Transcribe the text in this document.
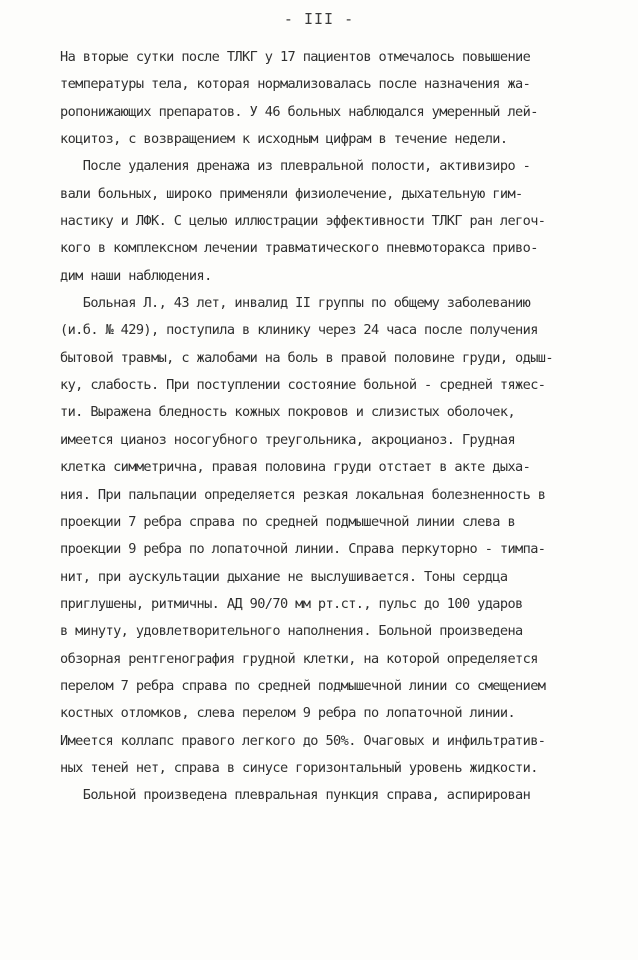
- III -
На вторые сутки после ТЛКГ у 17 пациентов отмечалось повышение
температуры тела, которая нормализовалась после назначения жа-
ропонижающих препаратов. У 46 больных наблюдался умеренный лей-
коцитоз, с возвращением к исходным цифрам в течение недели.
После удаления дренажа из плевральной полости, активизиро -
вали больных, широко применяли физиолечение, дыхательную гим-
настику и ЛФК. С целью иллюстрации эффективности ТЛКГ ран легоч-
кого в комплексном лечении травматического пневмоторакса приво-
дим наши наблюдения.
Больная Л., 43 лет, инвалид II группы по общему заболеванию
(и.б. № 429), поступила в клинику через 24 часа после получения
бытовой травмы, с жалобами на боль в правой половине груди, одыш-
ку, слабость. При поступлении состояние больной - средней тяжес-
ти. Выражена бледность кожных покровов и слизистых оболочек,
имеется цианоз носогубного треугольника, акроцианоз. Грудная
клетка симметрична, правая половина груди отстает в акте дыха-
ния. При пальпации определяется резкая локальная болезненность в
проекции 7 ребра справа по средней подмышечной линии слева в
проекции 9 ребра по лопаточной линии. Справа перкуторно - тимпа-
нит, при аускультации дыхание не выслушивается. Тоны сердца
приглушены, ритмичны. АД 90/70 мм рт.ст., пульс до 100 ударов
в минуту, удовлетворительного наполнения. Больной произведена
обзорная рентгенография грудной клетки, на которой определяется
перелом 7 ребра справа по средней подмышечной линии со смещением
костных отломков, слева перелом 9 ребра по лопаточной линии.
Имеется коллапс правого легкого до 50%. Очаговых и инфильтратив-
ных теней нет, справа в синусе горизонтальный уровень жидкости.
Больной произведена плевральная пункция справа, аспирирован
